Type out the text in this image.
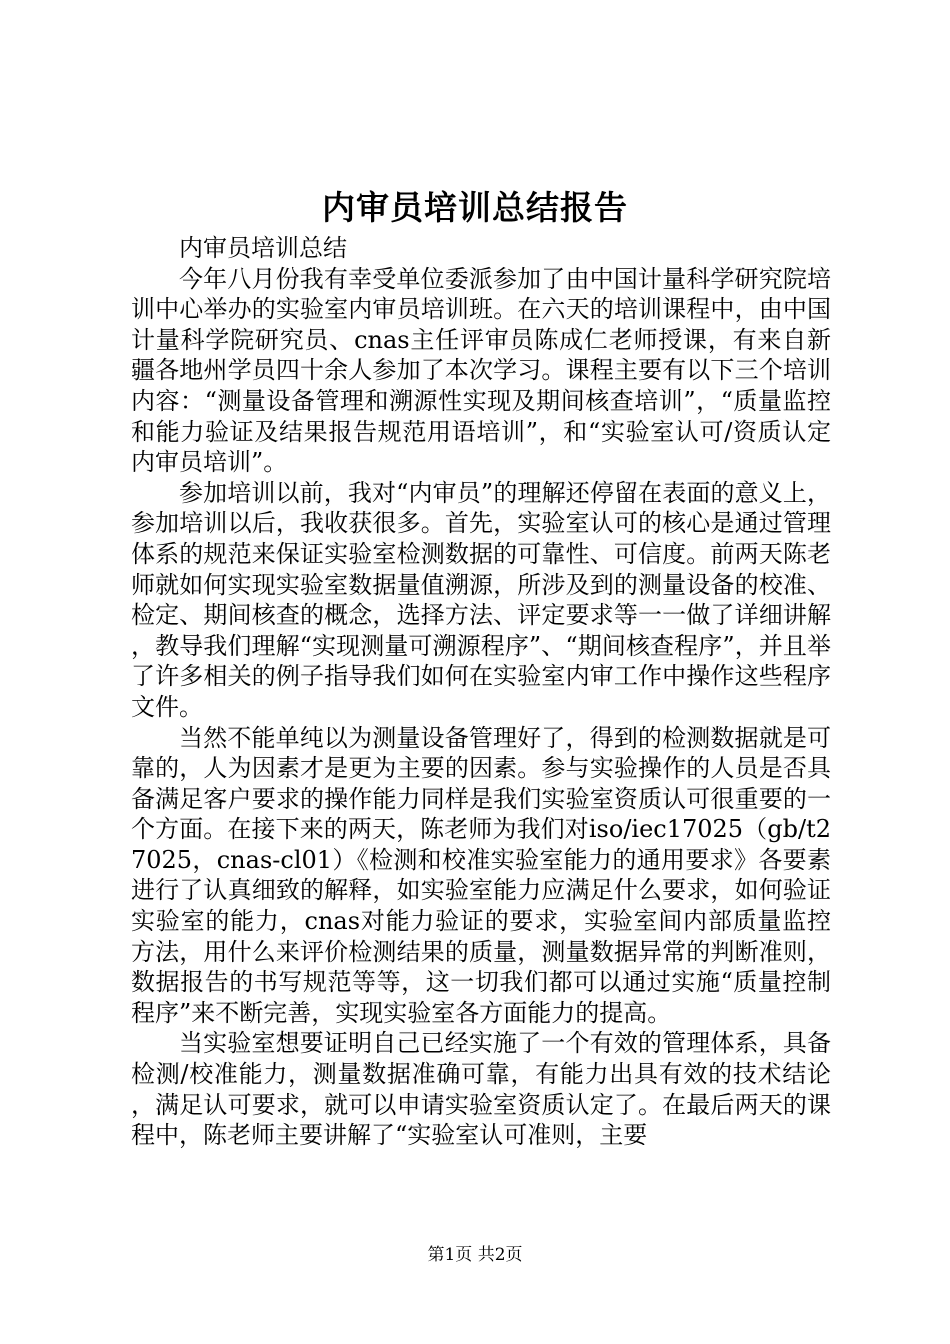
内审员培训总结报告

内审员培训总结

今年八月份我有幸受单位委派参加了由中国计量科学研究院培训中心举办的实验室内审员培训班。在六天的培训课程中，由中国计量科学院研究员、cnas主任评审员陈成仁老师授课，有来自新疆各地州学员四十余人参加了本次学习。课程主要有以下三个培训内容：“测量设备管理和溯源性实现及期间核查培训”，“质量监控和能力验证及结果报告规范用语培训”，和“实验室认可/资质认定内审员培训”。

参加培训以前，我对“内审员”的理解还停留在表面的意义上，参加培训以后，我收获很多。首先，实验室认可的核心是通过管理体系的规范来保证实验室检测数据的可靠性、可信度。前两天陈老师就如何实现实验室数据量值溯源，所涉及到的测量设备的校准、检定、期间核查的概念，选择方法、评定要求等一一做了详细讲解，教导我们理解“实现测量可溯源程序”、“期间核查程序”，并且举了许多相关的例子指导我们如何在实验室内审工作中操作这些程序文件。

当然不能单纯以为测量设备管理好了，得到的检测数据就是可靠的，人为因素才是更为主要的因素。参与实验操作的人员是否具备满足客户要求的操作能力同样是我们实验室资质认可很重要的一个方面。在接下来的两天，陈老师为我们对iso/iec17025（gb/t27025，cnas-cl01）《检测和校准实验室能力的通用要求》各要素进行了认真细致的解释，如实验室能力应满足什么要求，如何验证实验室的能力，cnas对能力验证的要求，实验室间内部质量监控方法，用什么来评价检测结果的质量，测量数据异常的判断准则，数据报告的书写规范等等，这一切我们都可以通过实施“质量控制程序”来不断完善，实现实验室各方面能力的提高。

当实验室想要证明自己已经实施了一个有效的管理体系，具备检测/校准能力，测量数据准确可靠，有能力出具有效的技术结论，满足认可要求，就可以申请实验室资质认定了。在最后两天的课程中，陈老师主要讲解了“实验室认可准则，主要

第1页 共2页
